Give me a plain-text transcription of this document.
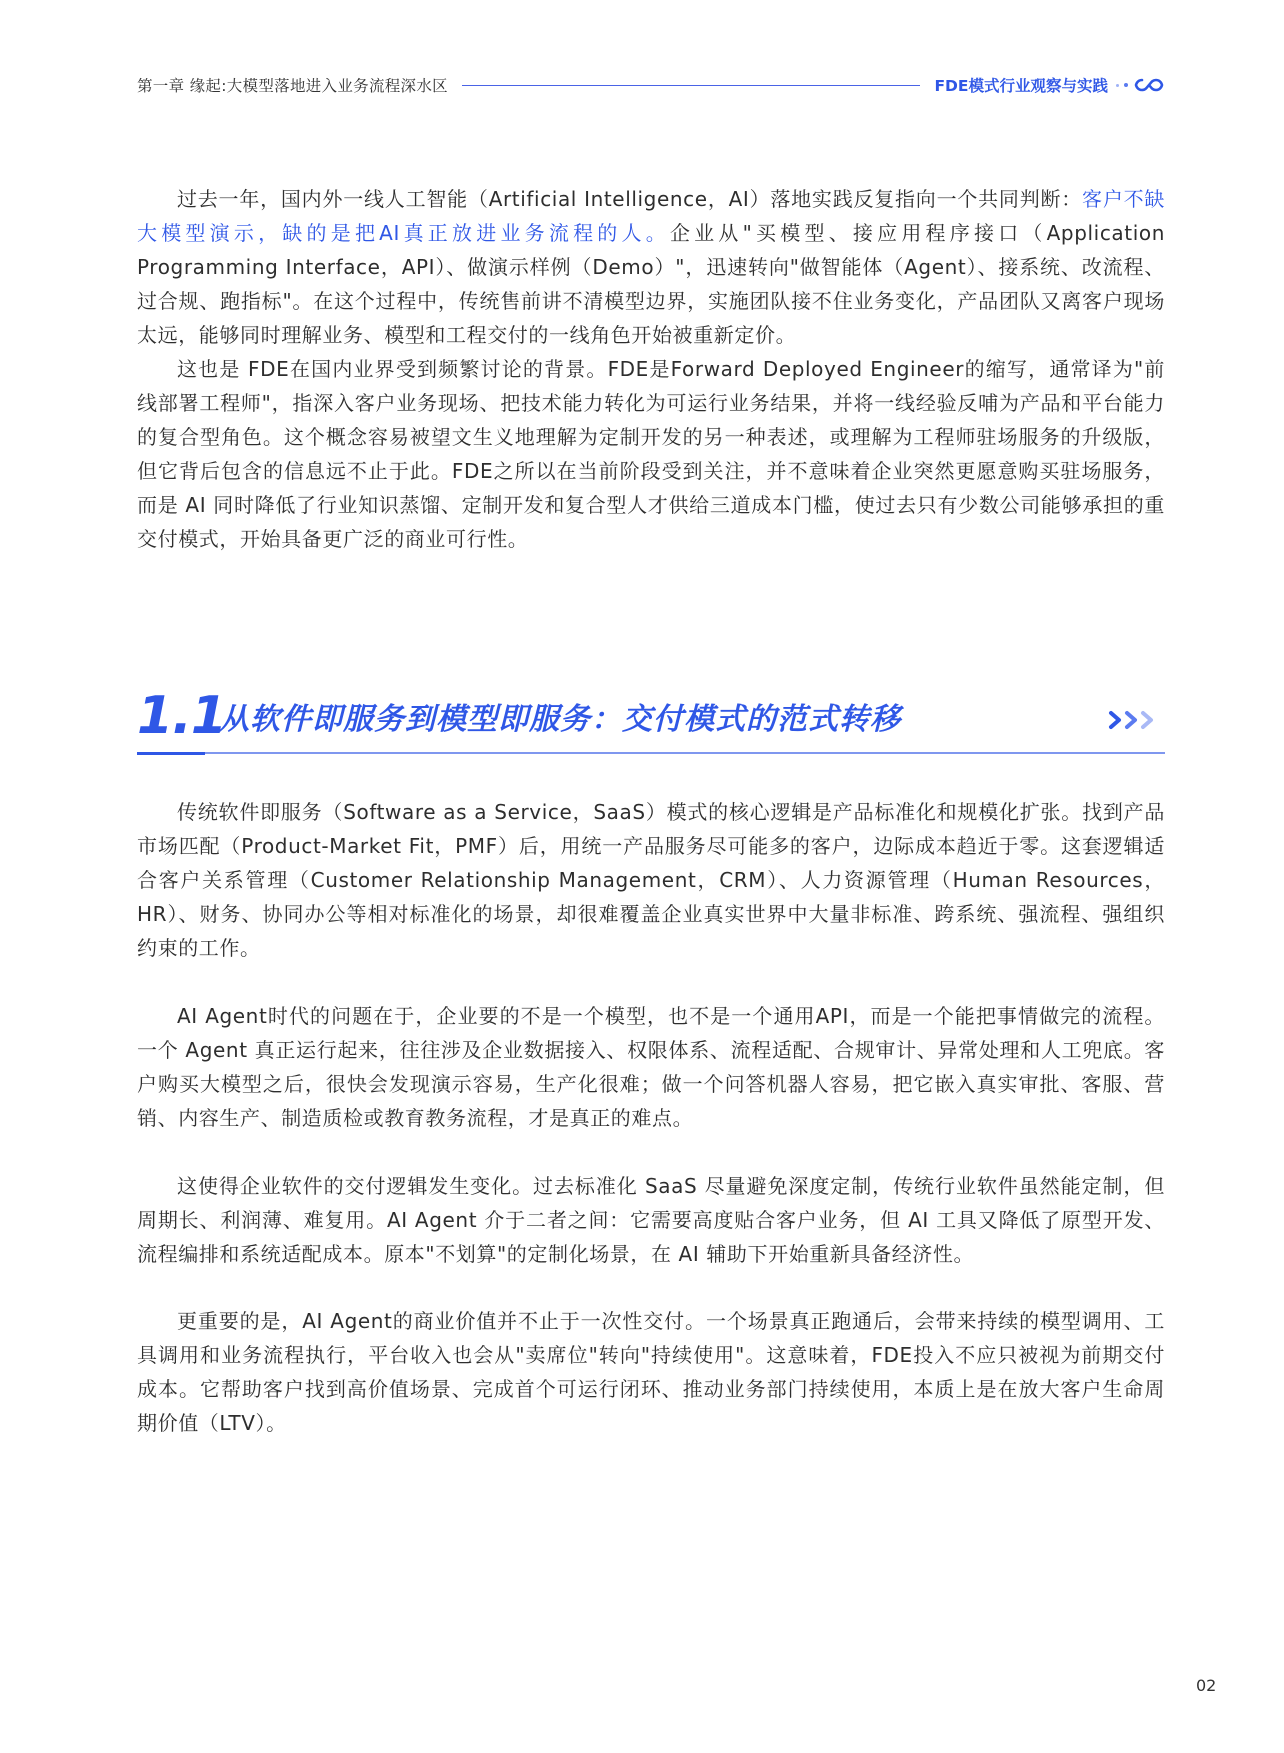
第一章 缘起:大模型落地进入业务流程深水区	FDE模式行业观察与实践

过去一年，国内外一线人工智能（Artificial Intelligence，AI）落地实践反复指向一个共同判断：客户不缺大模型演示，缺的是把AI真正放进业务流程的人。企业从"买模型、接应用程序接口（Application Programming Interface，API）、做演示样例（Demo）"，迅速转向"做智能体（Agent）、接系统、改流程、过合规、跑指标"。在这个过程中，传统售前讲不清模型边界，实施团队接不住业务变化，产品团队又离客户现场太远，能够同时理解业务、模型和工程交付的一线角色开始被重新定价。

这也是 FDE在国内业界受到频繁讨论的背景。FDE是Forward Deployed Engineer的缩写，通常译为"前线部署工程师"，指深入客户业务现场、把技术能力转化为可运行业务结果，并将一线经验反哺为产品和平台能力的复合型角色。这个概念容易被望文生义地理解为定制开发的另一种表述，或理解为工程师驻场服务的升级版，但它背后包含的信息远不止于此。FDE之所以在当前阶段受到关注，并不意味着企业突然更愿意购买驻场服务，而是 AI 同时降低了行业知识蒸馏、定制开发和复合型人才供给三道成本门槛，使过去只有少数公司能够承担的重交付模式，开始具备更广泛的商业可行性。

1.1
从软件即服务到模型即服务：交付模式的范式转移

传统软件即服务（Software as a Service，SaaS）模式的核心逻辑是产品标准化和规模化扩张。找到产品市场匹配（Product-Market Fit，PMF）后，用统一产品服务尽可能多的客户，边际成本趋近于零。这套逻辑适合客户关系管理（Customer Relationship Management，CRM）、人力资源管理（Human Resources，HR）、财务、协同办公等相对标准化的场景，却很难覆盖企业真实世界中大量非标准、跨系统、强流程、强组织约束的工作。

AI Agent时代的问题在于，企业要的不是一个模型，也不是一个通用API，而是一个能把事情做完的流程。一个 Agent 真正运行起来，往往涉及企业数据接入、权限体系、流程适配、合规审计、异常处理和人工兜底。客户购买大模型之后，很快会发现演示容易，生产化很难；做一个问答机器人容易，把它嵌入真实审批、客服、营销、内容生产、制造质检或教育教务流程，才是真正的难点。

这使得企业软件的交付逻辑发生变化。过去标准化 SaaS 尽量避免深度定制，传统行业软件虽然能定制，但周期长、利润薄、难复用。AI Agent 介于二者之间：它需要高度贴合客户业务，但 AI 工具又降低了原型开发、流程编排和系统适配成本。原本"不划算"的定制化场景，在 AI 辅助下开始重新具备经济性。

更重要的是，AI Agent的商业价值并不止于一次性交付。一个场景真正跑通后，会带来持续的模型调用、工具调用和业务流程执行，平台收入也会从"卖席位"转向"持续使用"。这意味着，FDE投入不应只被视为前期交付成本。它帮助客户找到高价值场景、完成首个可运行闭环、推动业务部门持续使用，本质上是在放大客户生命周期价值（LTV）。

02
